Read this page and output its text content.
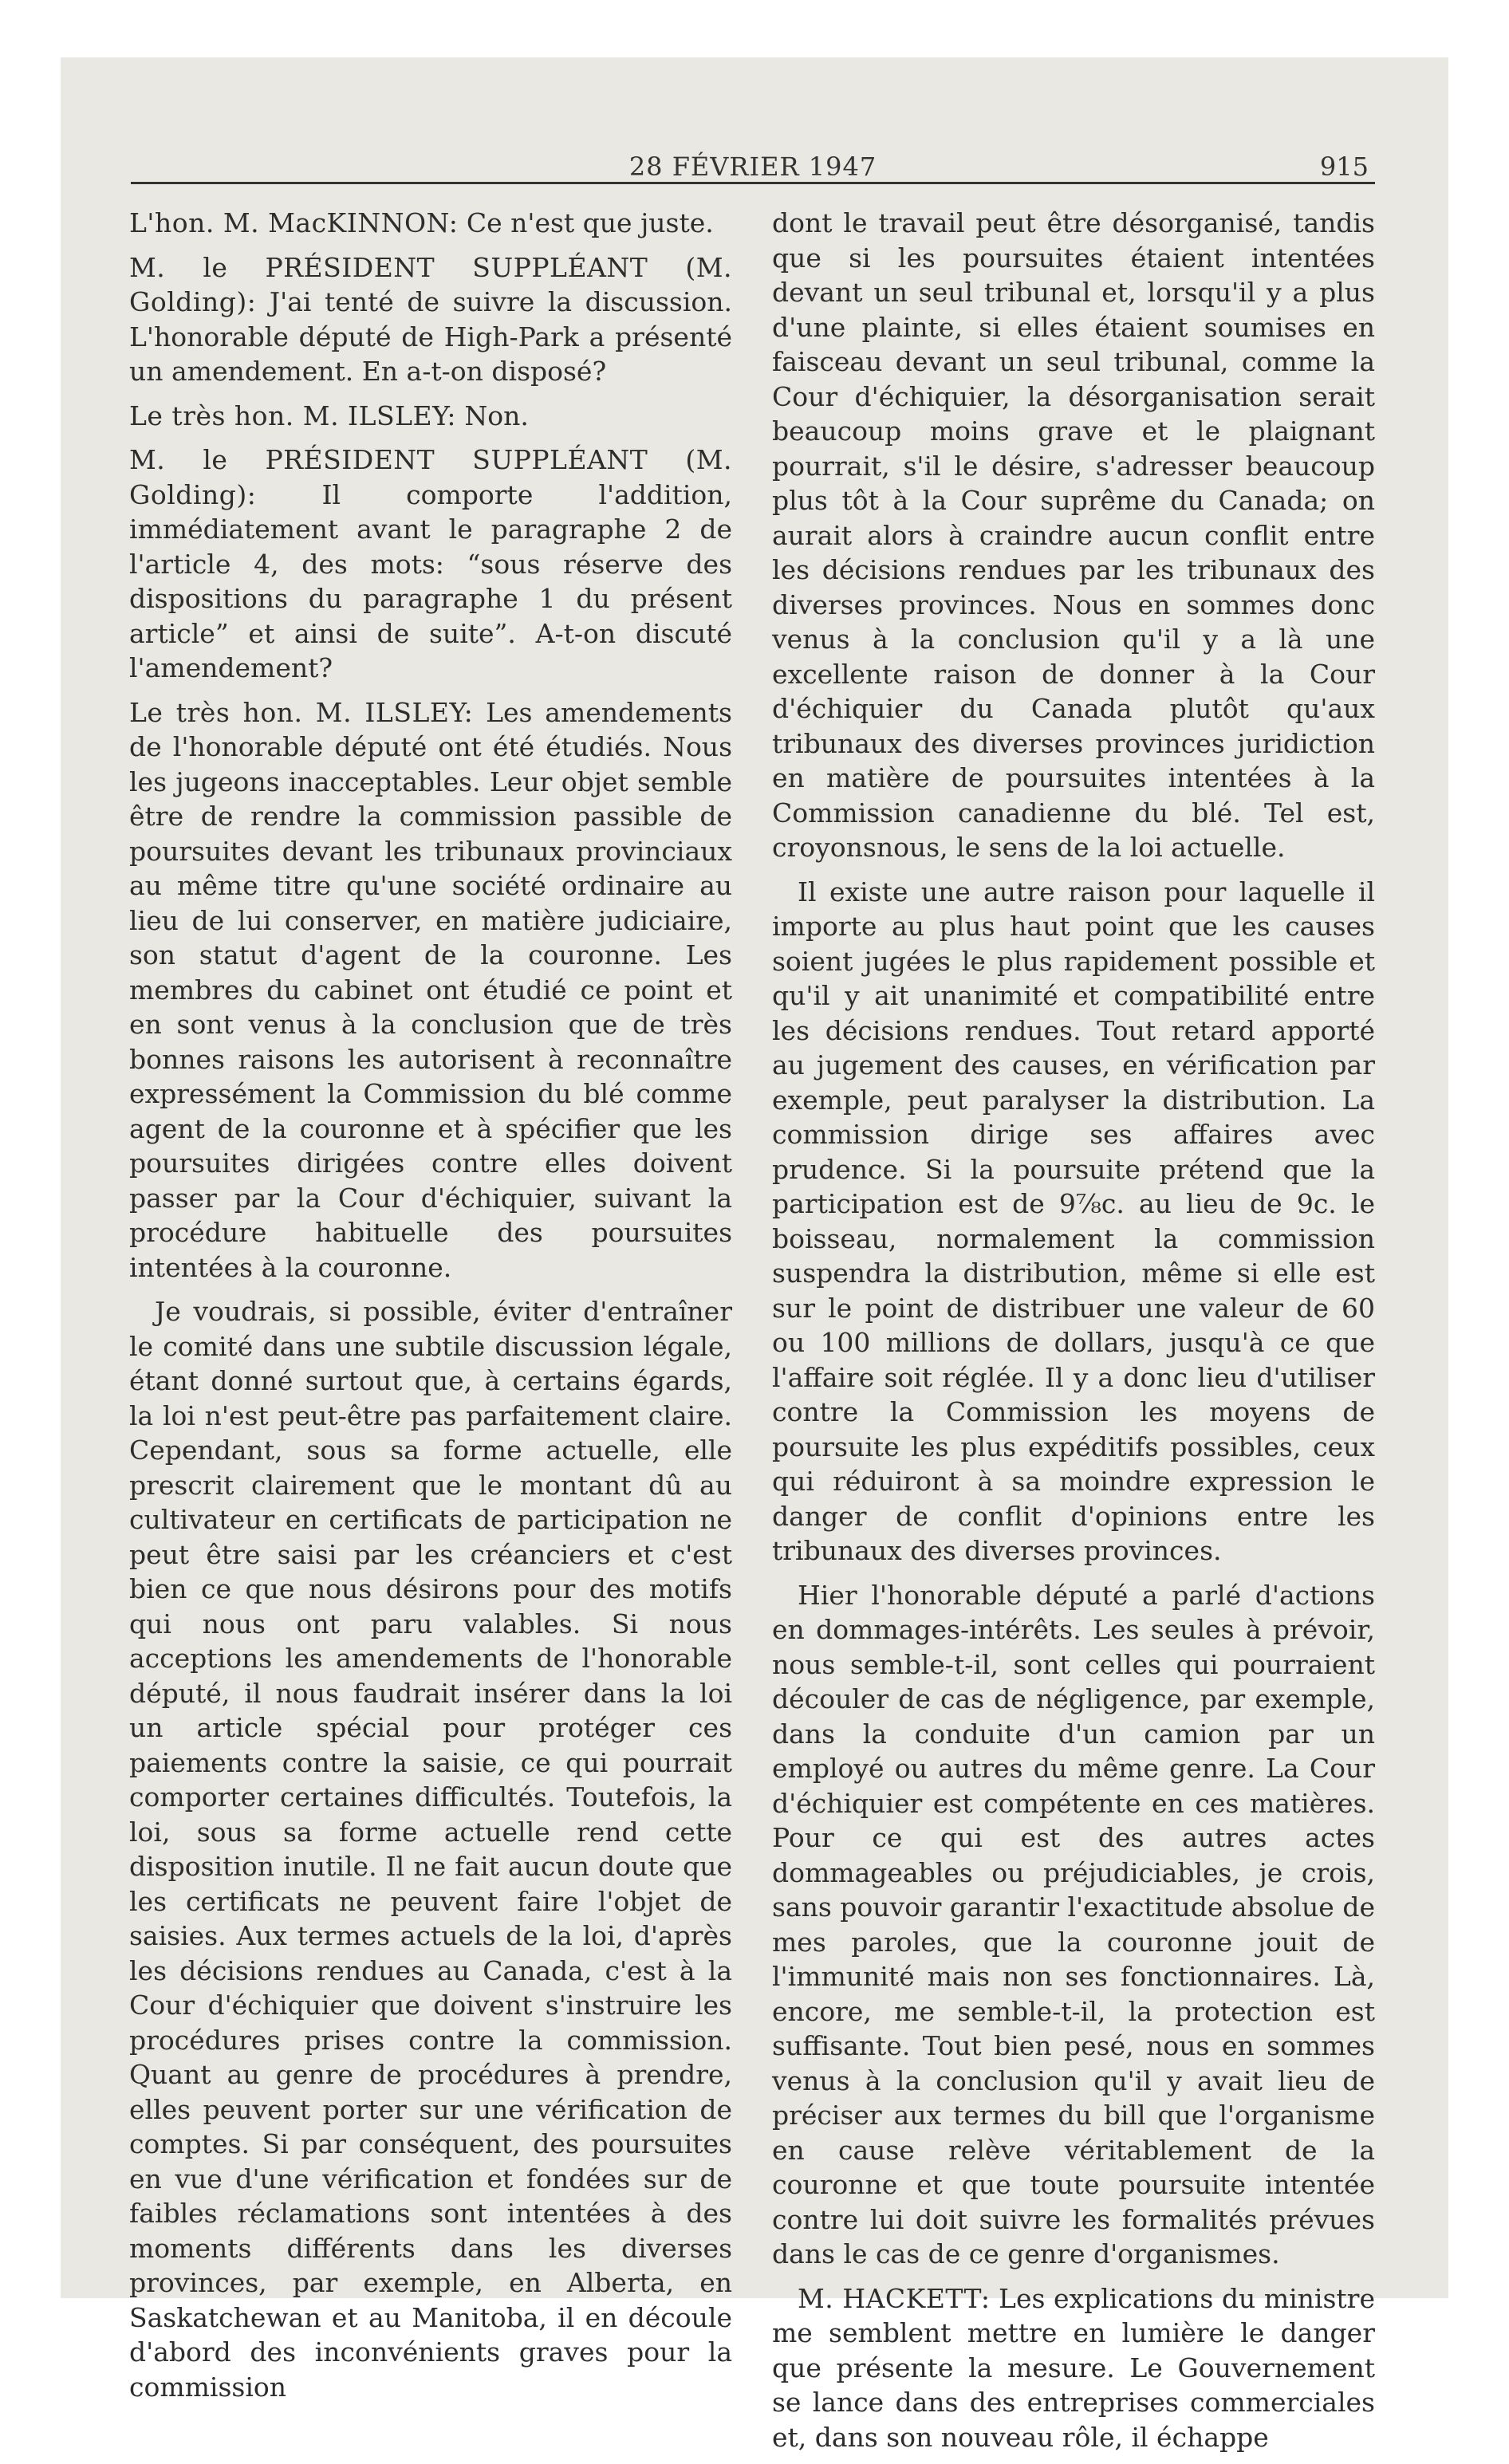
28 FÉVRIER 1947	915

L'hon. M. MacKINNON: Ce n'est que juste.

M. le PRÉSIDENT SUPPLÉANT (M. Golding): J'ai tenté de suivre la discussion. L'honorable député de High-Park a présenté un amendement. En a-t-on disposé?

Le très hon. M. ILSLEY: Non.

M. le PRÉSIDENT SUPPLÉANT (M. Golding): Il comporte l'addition, immédiatement avant le paragraphe 2 de l'article 4, des mots: “sous réserve des dispositions du paragraphe 1 du présent article” et ainsi de suite”. A-t-on discuté l'amendement?

Le très hon. M. ILSLEY: Les amendements de l'honorable député ont été étudiés. Nous les jugeons inacceptables. Leur objet semble être de rendre la commission passible de poursuites devant les tribunaux provinciaux au même titre qu'une société ordinaire au lieu de lui conserver, en matière judiciaire, son statut d'agent de la couronne. Les membres du cabinet ont étudié ce point et en sont venus à la conclusion que de très bonnes raisons les autorisent à reconnaître expressément la Commission du blé comme agent de la couronne et à spécifier que les poursuites dirigées contre elles doivent passer par la Cour d'échiquier, suivant la procédure habituelle des poursuites intentées à la couronne.

Je voudrais, si possible, éviter d'entraîner le comité dans une subtile discussion légale, étant donné surtout que, à certains égards, la loi n'est peut-être pas parfaitement claire. Cependant, sous sa forme actuelle, elle prescrit clairement que le montant dû au cultivateur en certificats de participation ne peut être saisi par les créanciers et c'est bien ce que nous désirons pour des motifs qui nous ont paru valables. Si nous acceptions les amendements de l'honorable député, il nous faudrait insérer dans la loi un article spécial pour protéger ces paiements contre la saisie, ce qui pourrait comporter certaines difficultés. Toutefois, la loi, sous sa forme actuelle rend cette disposition inutile. Il ne fait aucun doute que les certificats ne peuvent faire l'objet de saisies. Aux termes actuels de la loi, d'après les décisions rendues au Canada, c'est à la Cour d'échiquier que doivent s'instruire les procédures prises contre la commission. Quant au genre de procédures à prendre, elles peuvent porter sur une vérification de comptes. Si par conséquent, des poursuites en vue d'une vérification et fondées sur de faibles réclamations sont intentées à des moments différents dans les diverses provinces, par exemple, en Alberta, en Saskatchewan et au Manitoba, il en découle d'abord des inconvénients graves pour la commission

dont le travail peut être désorganisé, tandis que si les poursuites étaient intentées devant un seul tribunal et, lorsqu'il y a plus d'une plainte, si elles étaient soumises en faisceau devant un seul tribunal, comme la Cour d'échiquier, la désorganisation serait beaucoup moins grave et le plaignant pourrait, s'il le désire, s'adresser beaucoup plus tôt à la Cour suprême du Canada; on aurait alors à craindre aucun conflit entre les décisions rendues par les tribunaux des diverses provinces. Nous en sommes donc venus à la conclusion qu'il y a là une excellente raison de donner à la Cour d'échiquier du Canada plutôt qu'aux tribunaux des diverses provinces juridiction en matière de poursuites intentées à la Commission canadienne du blé. Tel est, croyonsnous, le sens de la loi actuelle.

Il existe une autre raison pour laquelle il importe au plus haut point que les causes soient jugées le plus rapidement possible et qu'il y ait unanimité et compatibilité entre les décisions rendues. Tout retard apporté au jugement des causes, en vérification par exemple, peut paralyser la distribution. La commission dirige ses affaires avec prudence. Si la poursuite prétend que la participation est de 9⅞c. au lieu de 9c. le boisseau, normalement la commission suspendra la distribution, même si elle est sur le point de distribuer une valeur de 60 ou 100 millions de dollars, jusqu'à ce que l'affaire soit réglée. Il y a donc lieu d'utiliser contre la Commission les moyens de poursuite les plus expéditifs possibles, ceux qui réduiront à sa moindre expression le danger de conflit d'opinions entre les tribunaux des diverses provinces.

Hier l'honorable député a parlé d'actions en dommages-intérêts. Les seules à prévoir, nous semble-t-il, sont celles qui pourraient découler de cas de négligence, par exemple, dans la conduite d'un camion par un employé ou autres du même genre. La Cour d'échiquier est compétente en ces matières. Pour ce qui est des autres actes dommageables ou préjudiciables, je crois, sans pouvoir garantir l'exactitude absolue de mes paroles, que la couronne jouit de l'immunité mais non ses fonctionnaires. Là, encore, me semble-t-il, la protection est suffisante. Tout bien pesé, nous en sommes venus à la conclusion qu'il y avait lieu de préciser aux termes du bill que l'organisme en cause relève véritablement de la couronne et que toute poursuite intentée contre lui doit suivre les formalités prévues dans le cas de ce genre d'organismes.

M. HACKETT: Les explications du ministre me semblent mettre en lumière le danger que présente la mesure. Le Gouvernement se lance dans des entreprises commerciales et, dans son nouveau rôle, il échappe
